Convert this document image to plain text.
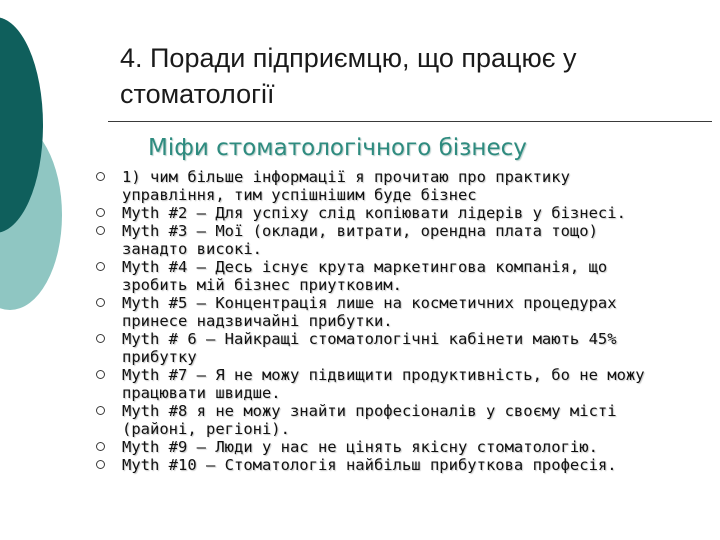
4. Поради підприємцю, що працює у стоматології
Міфи стоматологічного бізнесу
1) чим більше інформації я прочитаю про практику управління, тим успішнішим буде бізнес
Myth #2 – Для успіху слід копіювати лідерів у бізнесі.
Myth #3 – Мої (оклади, витрати, орендна плата тощо) занадто високі.
Myth #4 – Десь існує крута маркетингова компанія, що зробить мій бізнес приутковим.
Myth #5 – Концентрація лише на косметичних процедурах принесе надзвичайні прибутки.
Myth # 6 – Найкращі стоматологічні кабінети мають 45% прибутку
Myth #7 – Я не можу підвищити продуктивність, бо не можу працювати швидше.
Myth #8 я не можу знайти професіоналів у своєму місті (районі, регіоні).
Myth #9 – Люди у нас не цінять якісну стоматологію.
Myth #10 – Стоматологія найбільш прибуткова професія.
